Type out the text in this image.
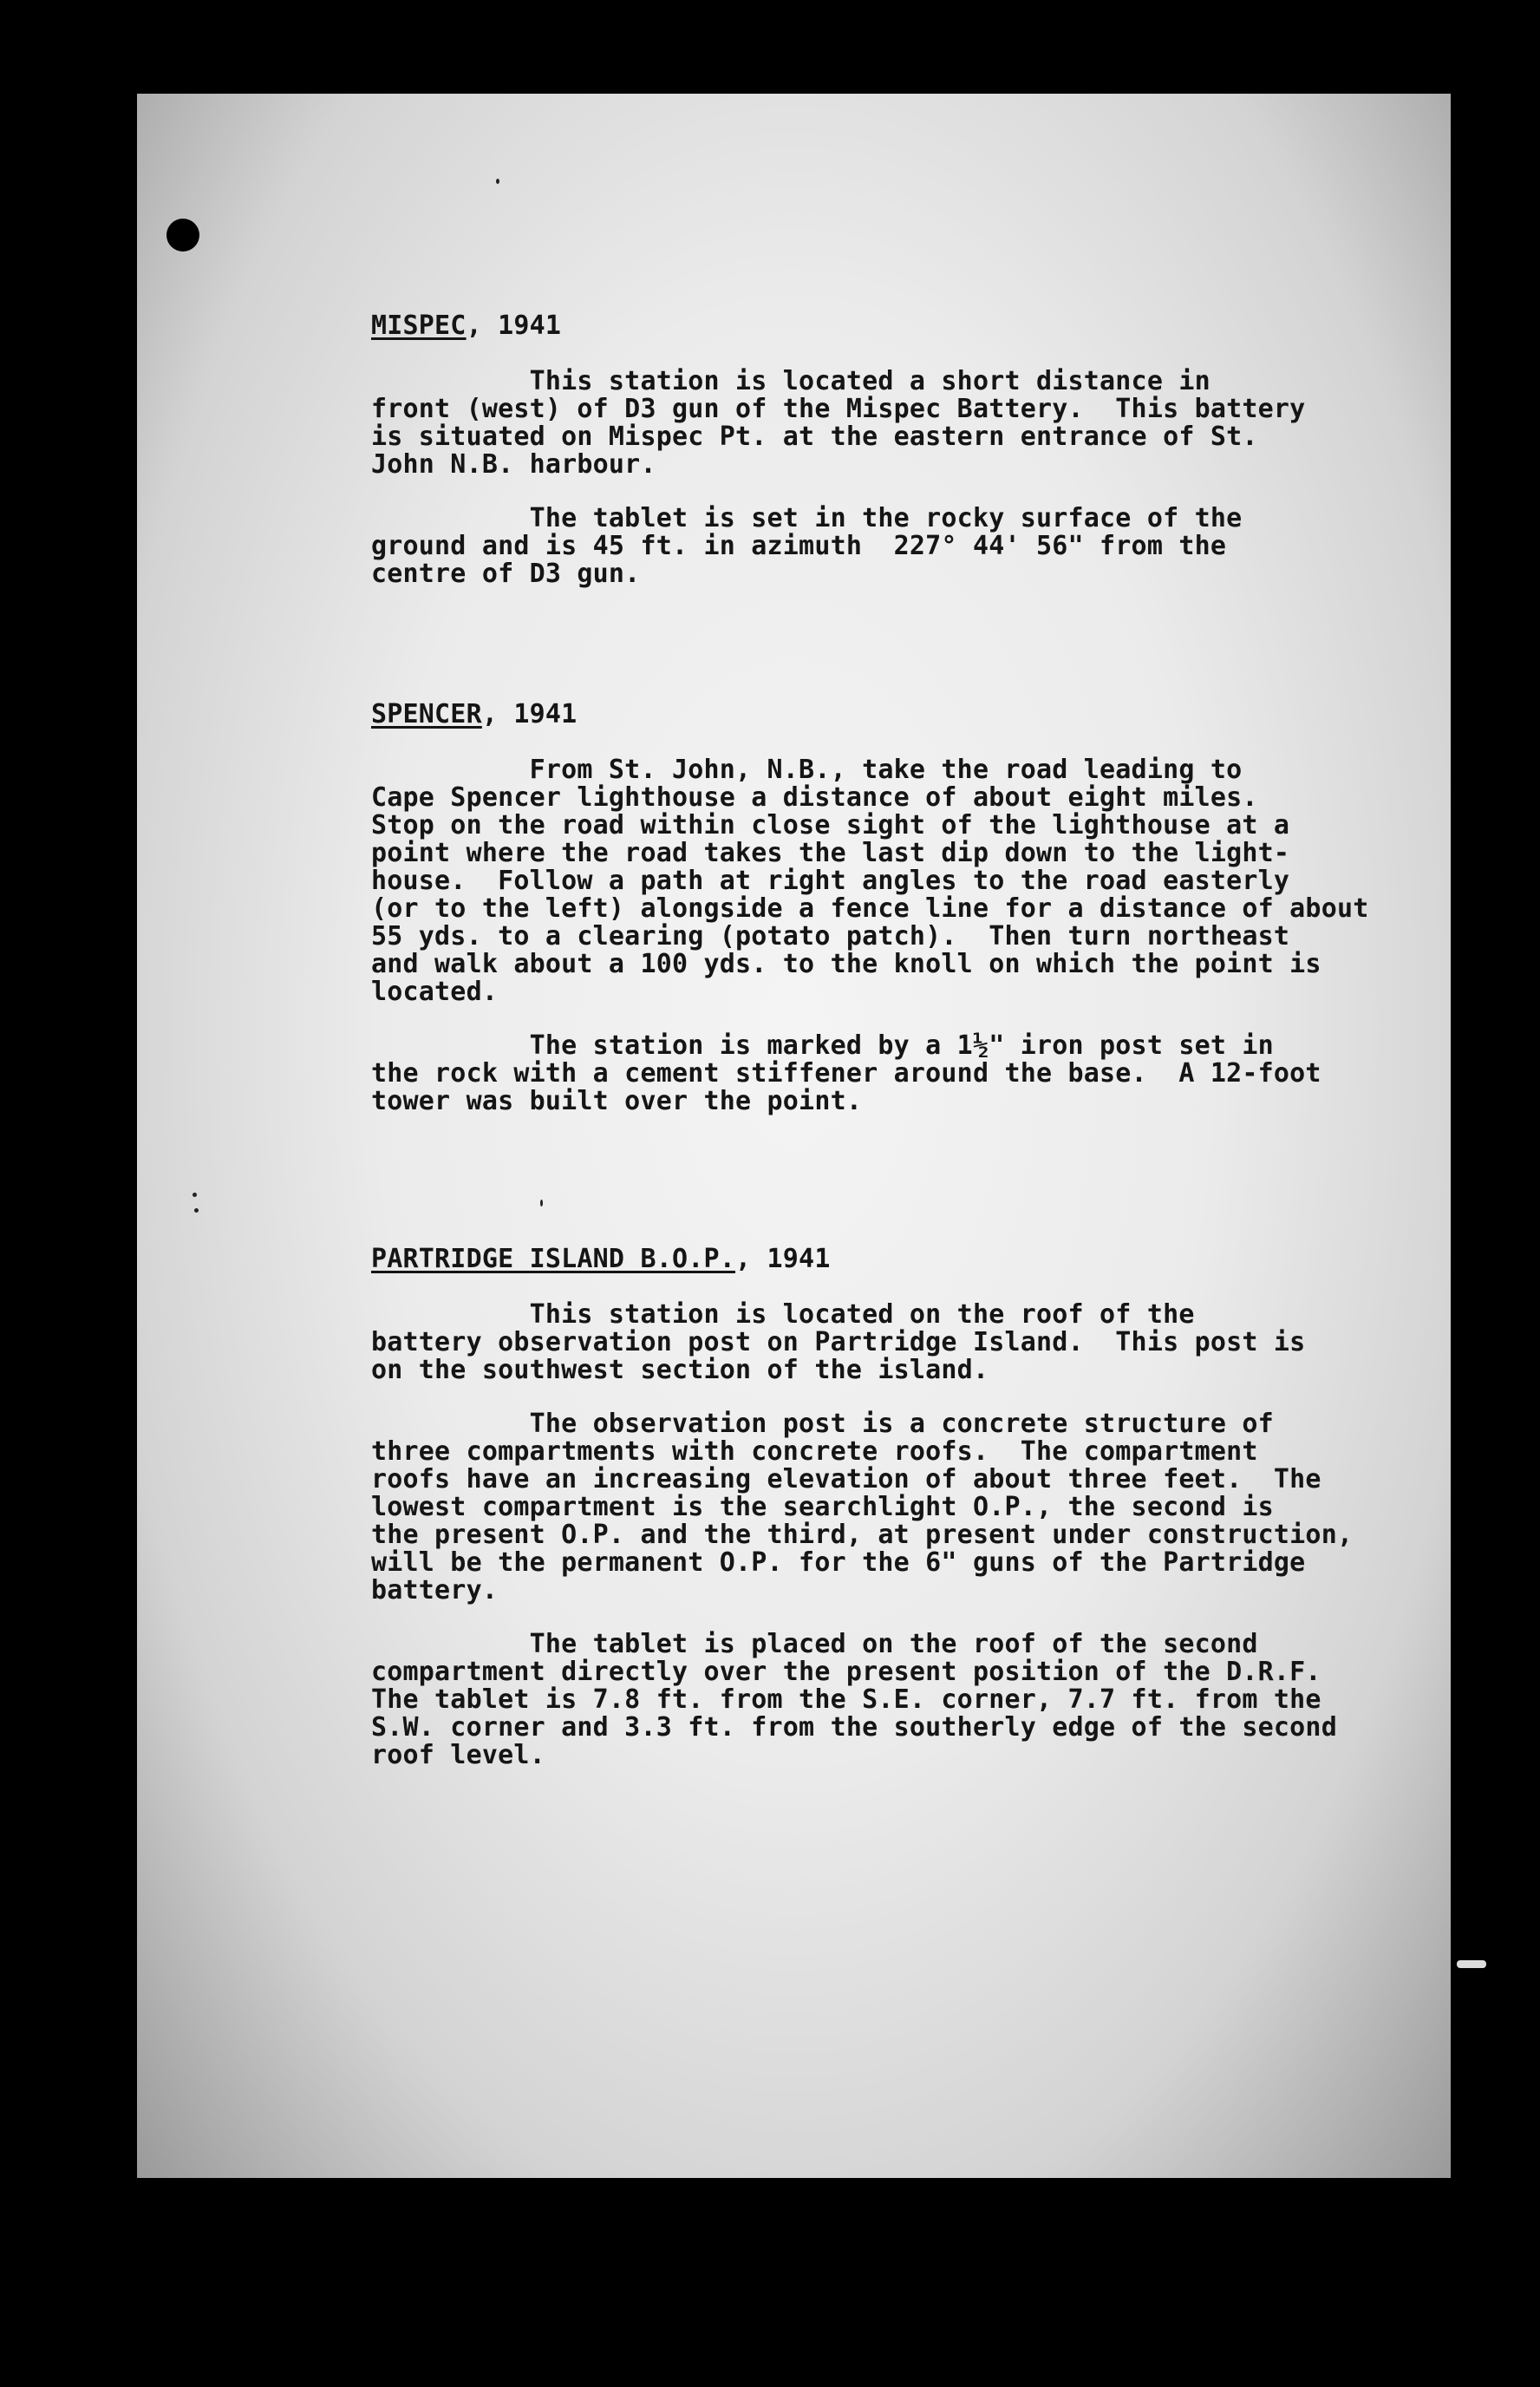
MISPEC, 1941

This station is located a short distance in

front (west) of D3 gun of the Mispec Battery.  This battery

is situated on Mispec Pt. at the eastern entrance of St.

John N.B. harbour.

The tablet is set in the rocky surface of the

ground and is 45 ft. in azimuth  227° 44' 56" from the

centre of D3 gun.

SPENCER, 1941

From St. John, N.B., take the road leading to

Cape Spencer lighthouse a distance of about eight miles.

Stop on the road within close sight of the lighthouse at a

point where the road takes the last dip down to the light-

house.  Follow a path at right angles to the road easterly

(or to the left) alongside a fence line for a distance of about

55 yds. to a clearing (potato patch).  Then turn northeast

and walk about a 100 yds. to the knoll on which the point is

located.

The station is marked by a 1½" iron post set in

the rock with a cement stiffener around the base.  A 12-foot

tower was built over the point.

PARTRIDGE ISLAND B.O.P., 1941

This station is located on the roof of the

battery observation post on Partridge Island.  This post is

on the southwest section of the island.

The observation post is a concrete structure of

three compartments with concrete roofs.  The compartment

roofs have an increasing elevation of about three feet.  The

lowest compartment is the searchlight O.P., the second is

the present O.P. and the third, at present under construction,

will be the permanent O.P. for the 6" guns of the Partridge

battery.

The tablet is placed on the roof of the second

compartment directly over the present position of the D.R.F.

The tablet is 7.8 ft. from the S.E. corner, 7.7 ft. from the

S.W. corner and 3.3 ft. from the southerly edge of the second

roof level.
